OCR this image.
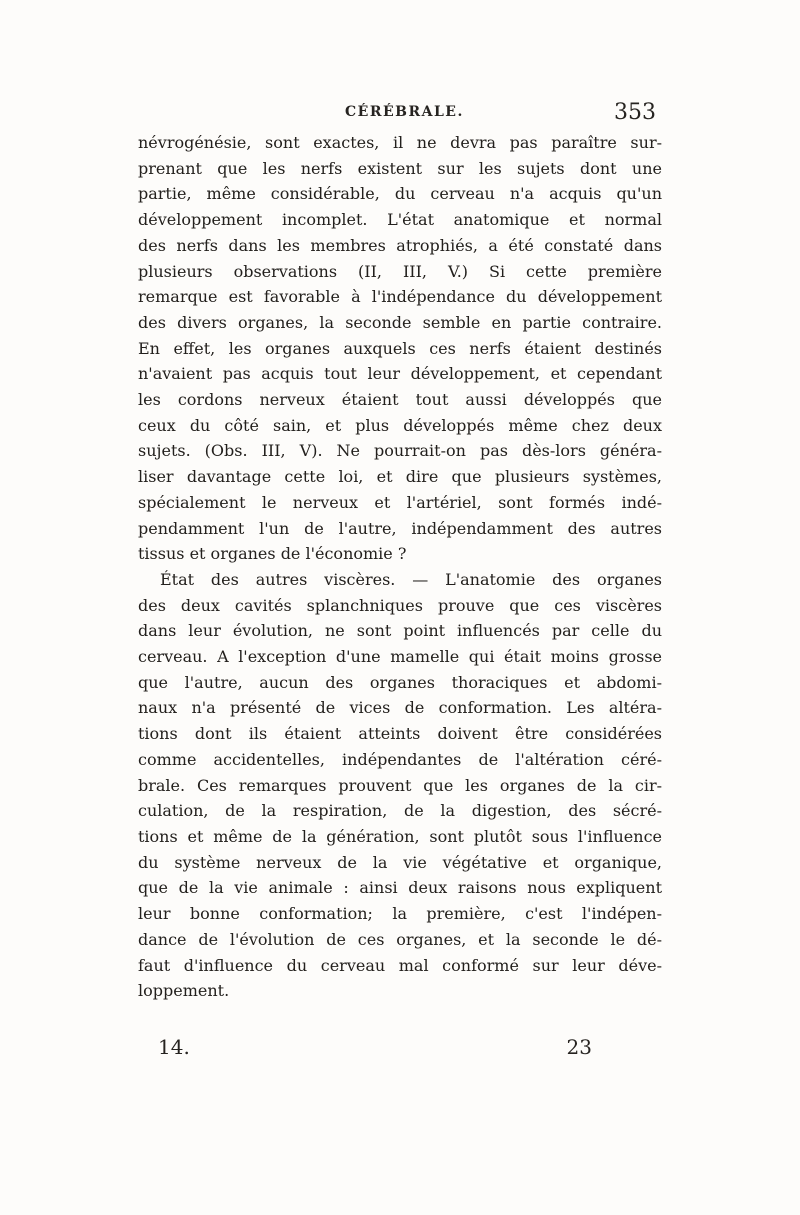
CÉRÉBRALE.	353
névrogénésie, sont exactes, il ne devra pas paraître sur-
prenant que les nerfs existent sur les sujets dont une
partie, même considérable, du cerveau n'a acquis qu'un
développement incomplet. L'état anatomique et normal
des nerfs dans les membres atrophiés, a été constaté dans
plusieurs observations (II, III, V.) Si cette première
remarque est favorable à l'indépendance du développement
des divers organes, la seconde semble en partie contraire.
En effet, les organes auxquels ces nerfs étaient destinés
n'avaient pas acquis tout leur développement, et cependant
les cordons nerveux étaient tout aussi développés que
ceux du côté sain, et plus développés même chez deux
sujets. (Obs. III, V). Ne pourrait-on pas dès-lors généra-
liser davantage cette loi, et dire que plusieurs systèmes,
spécialement le nerveux et l'artériel, sont formés indé-
pendamment l'un de l'autre, indépendamment des autres
tissus et organes de l'économie ?
État des autres viscères. — L'anatomie des organes
des deux cavités splanchniques prouve que ces viscères
dans leur évolution, ne sont point influencés par celle du
cerveau. A l'exception d'une mamelle qui était moins grosse
que l'autre, aucun des organes thoraciques et abdomi-
naux n'a présenté de vices de conformation. Les altéra-
tions dont ils étaient atteints doivent être considérées
comme accidentelles, indépendantes de l'altération céré-
brale. Ces remarques prouvent que les organes de la cir-
culation, de la respiration, de la digestion, des sécré-
tions et même de la génération, sont plutôt sous l'influence
du système nerveux de la vie végétative et organique,
que de la vie animale : ainsi deux raisons nous expliquent
leur bonne conformation; la première, c'est l'indépen-
dance de l'évolution de ces organes, et la seconde le dé-
faut d'influence du cerveau mal conformé sur leur déve-
loppement.
14.	23
